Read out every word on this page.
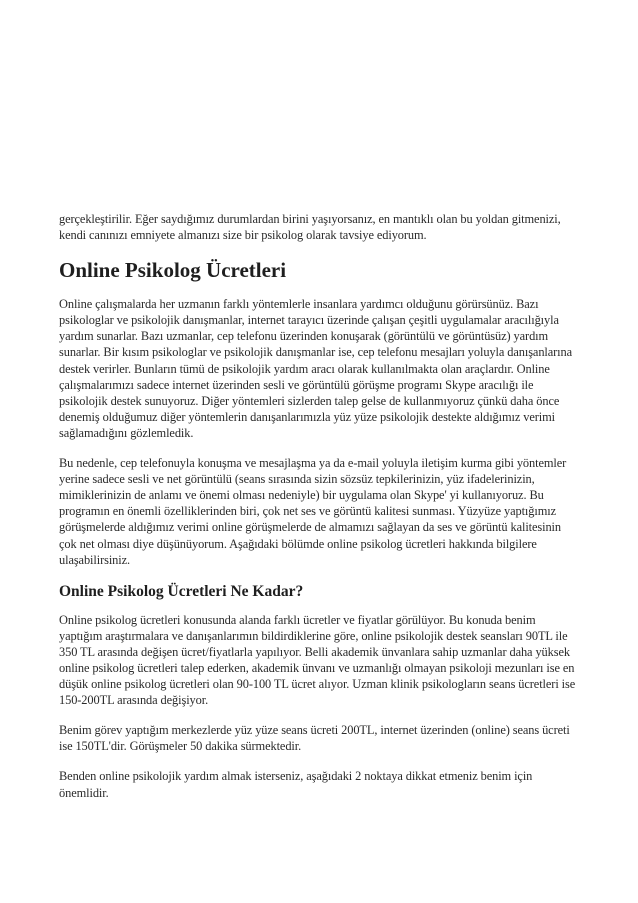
gerçekleştirilir. Eğer saydığımız durumlardan birini yaşıyorsanız, en mantıklı olan bu yoldan gitmenizi, kendi canınızı emniyete almanızı size bir psikolog olarak tavsiye ediyorum.

Online Psikolog Ücretleri

Online çalışmalarda her uzmanın farklı yöntemlerle insanlara yardımcı olduğunu görürsünüz. Bazı psikologlar ve psikolojik danışmanlar, internet tarayıcı üzerinde çalışan çeşitli uygulamalar aracılığıyla yardım sunarlar. Bazı uzmanlar, cep telefonu üzerinden konuşarak (görüntülü ve görüntüsüz) yardım sunarlar. Bir kısım psikologlar ve psikolojik danışmanlar ise, cep telefonu mesajları yoluyla danışanlarına destek verirler. Bunların tümü de psikolojik yardım aracı olarak kullanılmakta olan araçlardır. Online çalışmalarımızı sadece internet üzerinden sesli ve görüntülü görüşme programı Skype aracılığı ile psikolojik destek sunuyoruz. Diğer yöntemleri sizlerden talep gelse de kullanmıyoruz çünkü daha önce denemiş olduğumuz diğer yöntemlerin danışanlarımızla yüz yüze psikolojik destekte aldığımız verimi sağlamadığını gözlemledik.

Bu nedenle, cep telefonuyla konuşma ve mesajlaşma ya da e-mail yoluyla iletişim kurma gibi yöntemler yerine sadece sesli ve net görüntülü (seans sırasında sizin sözsüz tepkilerinizin, yüz ifadelerinizin, mimiklerinizin de anlamı ve önemi olması nedeniyle) bir uygulama olan Skype' yi kullanıyoruz. Bu programın en önemli özelliklerinden biri, çok net ses ve görüntü kalitesi sunması. Yüzyüze yaptığımız görüşmelerde aldığımız verimi online görüşmelerde de almamızı sağlayan da ses ve görüntü kalitesinin çok net olması diye düşünüyorum. Aşağıdaki bölümde online psikolog ücretleri hakkında bilgilere ulaşabilirsiniz.

Online Psikolog Ücretleri Ne Kadar?

Online psikolog ücretleri konusunda alanda farklı ücretler ve fiyatlar görülüyor. Bu konuda benim yaptığım araştırmalara ve danışanlarımın bildirdiklerine göre, online psikolojik destek seansları 90TL ile 350 TL arasında değişen ücret/fiyatlarla yapılıyor. Belli akademik ünvanlara sahip uzmanlar daha yüksek online psikolog ücretleri talep ederken, akademik ünvanı ve uzmanlığı olmayan psikoloji mezunları ise en düşük online psikolog ücretleri olan 90-100 TL ücret alıyor. Uzman klinik psikologların seans ücretleri ise 150-200TL arasında değişiyor.

Benim görev yaptığım merkezlerde yüz yüze seans ücreti 200TL, internet üzerinden (online) seans ücreti ise 150TL'dir. Görüşmeler 50 dakika sürmektedir.

Benden online psikolojik yardım almak isterseniz, aşağıdaki 2 noktaya dikkat etmeniz benim için önemlidir.
